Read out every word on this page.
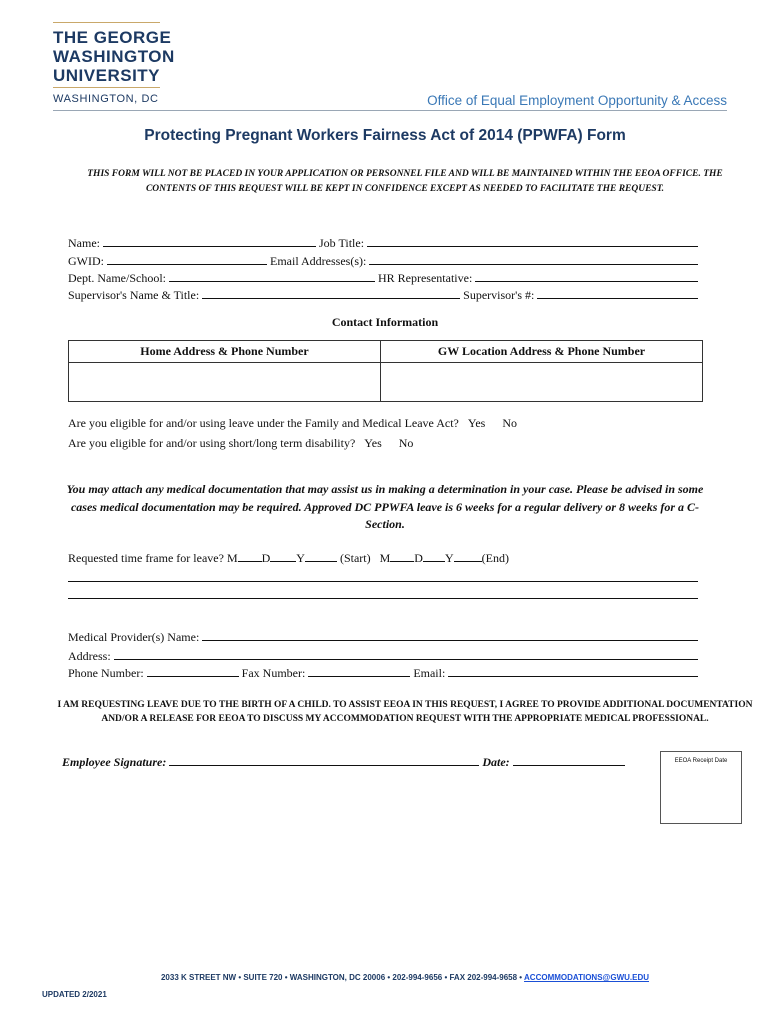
THE GEORGE
WASHINGTON
UNIVERSITY
WASHINGTON, DC	Office of Equal Employment Opportunity & Access
Protecting Pregnant Workers Fairness Act of 2014 (PPWFA) Form
THIS FORM WILL NOT BE PLACED IN YOUR APPLICATION OR PERSONNEL FILE AND WILL BE MAINTAINED WITHIN THE EEOA OFFICE. THE CONTENTS OF THIS REQUEST WILL BE KEPT IN CONFIDENCE EXCEPT AS NEEDED TO FACILITATE THE REQUEST.
Name:	Job Title:
GWID:	Email Addresses(s):
Dept. Name/School:	HR Representative:
Supervisor's Name & Title:	Supervisor's #:
Contact Information
Home Address & Phone Number	GW Location Address & Phone Number

Are you eligible for and/or using leave under the Family and Medical Leave Act? Yes No
Are you eligible for and/or using short/long term disability? Yes No
You may attach any medical documentation that may assist us in making a determination in your case. Please be advised in some cases medical documentation may be required. Approved DC PPWFA leave is 6 weeks for a regular delivery or 8 weeks for a C-Section.
Requested time frame for leave? M D Y	(Start) M D Y (End)
Medical Provider(s) Name:
Address:
Phone Number:	Fax Number:	Email:
I AM REQUESTING LEAVE DUE TO THE BIRTH OF A CHILD. TO ASSIST EEOA IN THIS REQUEST, I AGREE TO PROVIDE ADDITIONAL DOCUMENTATION AND/OR A RELEASE FOR EEOA TO DISCUSS MY ACCOMMODATION REQUEST WITH THE APPROPRIATE MEDICAL PROFESSIONAL.
Employee Signature:	Date:	EEOA Receipt Date
2033 K STREET NW • SUITE 720 • WASHINGTON, DC 20006 • 202-994-9656 • FAX 202-994-9658 • ACCOMMODATIONS@GWU.EDU
UPDATED 2/2021
